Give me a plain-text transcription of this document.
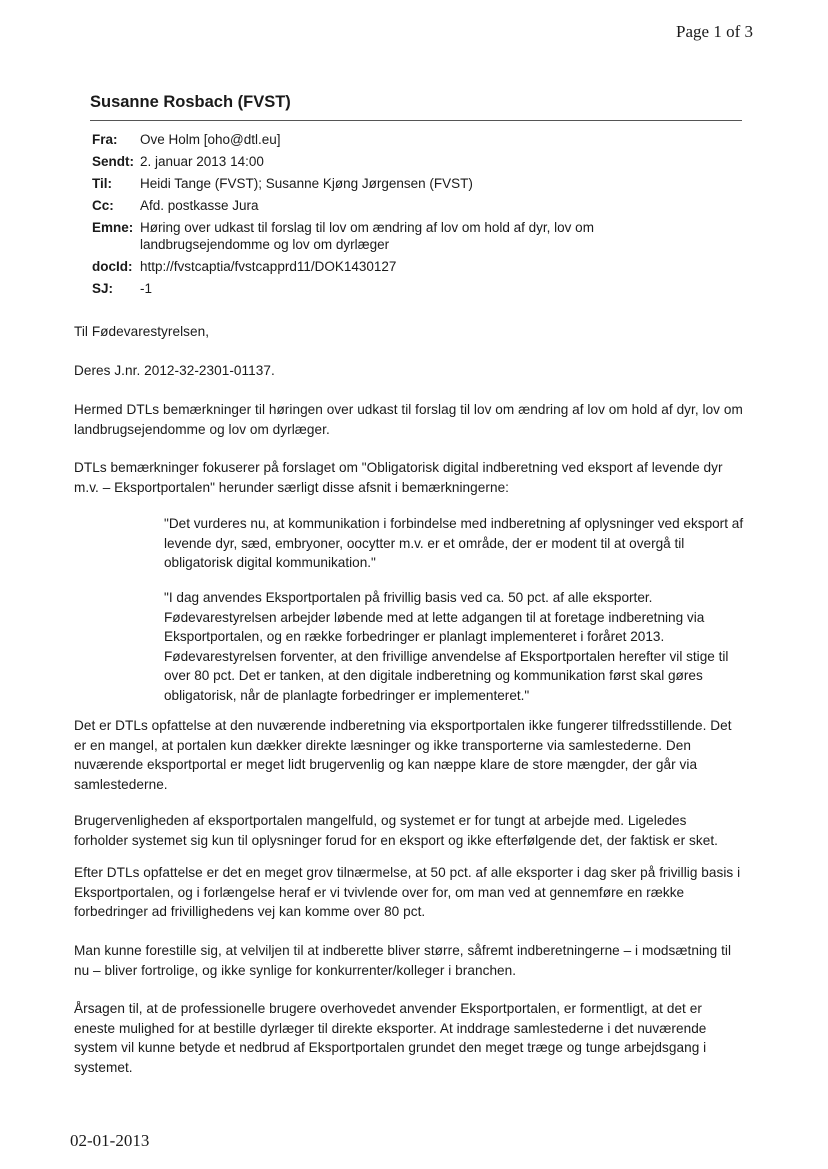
Page 1 of 3
Susanne Rosbach (FVST)
Fra:	Ove Holm [oho@dtl.eu]
Sendt: 2. januar 2013 14:00
Til:	Heidi Tange (FVST); Susanne Kjøng Jørgensen (FVST)
Cc:	Afd. postkasse Jura
Emne: Høring over udkast til forslag til lov om ændring af lov om hold af dyr, lov om landbrugsejendomme og lov om dyrlæger
docId: http://fvstcaptia/fvstcapprd11/DOK1430127
SJ:	-1
Til Fødevarestyrelsen,
Deres J.nr. 2012-32-2301-01137.
Hermed DTLs bemærkninger til høringen over udkast til forslag til lov om ændring af lov om hold af dyr, lov om landbrugsejendomme og lov om dyrlæger.
DTLs bemærkninger fokuserer på forslaget om "Obligatorisk digital indberetning ved eksport af levende dyr m.v. – Eksportportalen" herunder særligt disse afsnit i bemærkningerne:
"Det vurderes nu, at kommunikation i forbindelse med indberetning af oplysninger ved eksport af levende dyr, sæd, embryoner, oocytter m.v. er et område, der er modent til at overgå til obligatorisk digital kommunikation."
"I dag anvendes Eksportportalen på frivillig basis ved ca. 50 pct. af alle eksporter. Fødevarestyrelsen arbejder løbende med at lette adgangen til at foretage indberetning via Eksportportalen, og en række forbedringer er planlagt implementeret i foråret 2013. Fødevarestyrelsen forventer, at den frivillige anvendelse af Eksportportalen herefter vil stige til over 80 pct. Det er tanken, at den digitale indberetning og kommunikation først skal gøres obligatorisk, når de planlagte forbedringer er implementeret."
Det er DTLs opfattelse at den nuværende indberetning via eksportportalen ikke fungerer tilfredsstillende. Det er en mangel, at portalen kun dækker direkte læsninger og ikke transporterne via samlestederne. Den nuværende eksportportal er meget lidt brugervenlig og kan næppe klare de store mængder, der går via samlestederne.
Brugervenligheden af eksportportalen mangelfuld, og systemet er for tungt at arbejde med. Ligeledes forholder systemet sig kun til oplysninger forud for en eksport og ikke efterfølgende det, der faktisk er sket.
Efter DTLs opfattelse er det en meget grov tilnærmelse, at 50 pct. af alle eksporter i dag sker på frivillig basis i Eksportportalen, og i forlængelse heraf er vi tvivlende over for, om man ved at gennemføre en række forbedringer ad frivillighedens vej kan komme over 80 pct.
Man kunne forestille sig, at velviljen til at indberette bliver større, såfremt indberetningerne – i modsætning til nu – bliver fortrolige, og ikke synlige for konkurrenter/kolleger i branchen.
Årsagen til, at de professionelle brugere overhovedet anvender Eksportportalen, er formentligt, at det er eneste mulighed for at bestille dyrlæger til direkte eksporter. At inddrage samlestederne i det nuværende system vil kunne betyde et nedbrud af Eksportportalen grundet den meget træge og tunge arbejdsgang i systemet.
02-01-2013
